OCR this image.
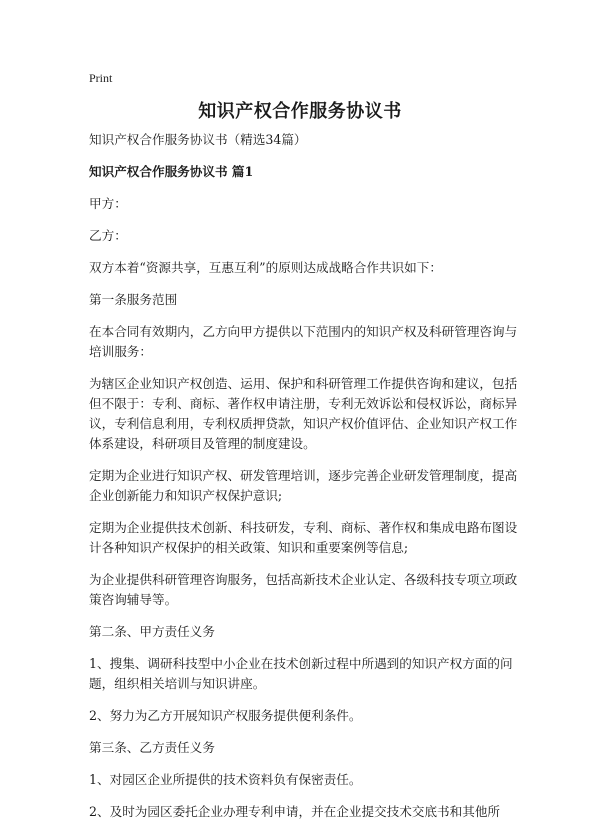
Print
知识产权合作服务协议书

知识产权合作服务协议书（精选34篇）

知识产权合作服务协议书 篇1

甲方：

乙方：

双方本着“资源共享，互惠互利”的原则达成战略合作共识如下：

第一条服务范围

在本合同有效期内，乙方向甲方提供以下范围内的知识产权及科研管理咨询与培训服务：

为辖区企业知识产权创造、运用、保护和科研管理工作提供咨询和建议，包括但不限于：专利、商标、著作权申请注册，专利无效诉讼和侵权诉讼，商标异议，专利信息利用，专利权质押贷款，知识产权价值评估、企业知识产权工作体系建设，科研项目及管理的制度建设。

定期为企业进行知识产权、研发管理培训，逐步完善企业研发管理制度，提高企业创新能力和知识产权保护意识;

定期为企业提供技术创新、科技研发，专利、商标、著作权和集成电路布图设计各种知识产权保护的相关政策、知识和重要案例等信息;

为企业提供科研管理咨询服务，包括高新技术企业认定、各级科技专项立项政策咨询辅导等。

第二条、甲方责任义务

1、搜集、调研科技型中小企业在技术创新过程中所遇到的知识产权方面的问题，组织相关培训与知识讲座。

2、努力为乙方开展知识产权服务提供便利条件。

第三条、乙方责任义务

1、对园区企业所提供的技术资料负有保密责任。

2、及时为园区委托企业办理专利申请，并在企业提交技术交底书和其他所
